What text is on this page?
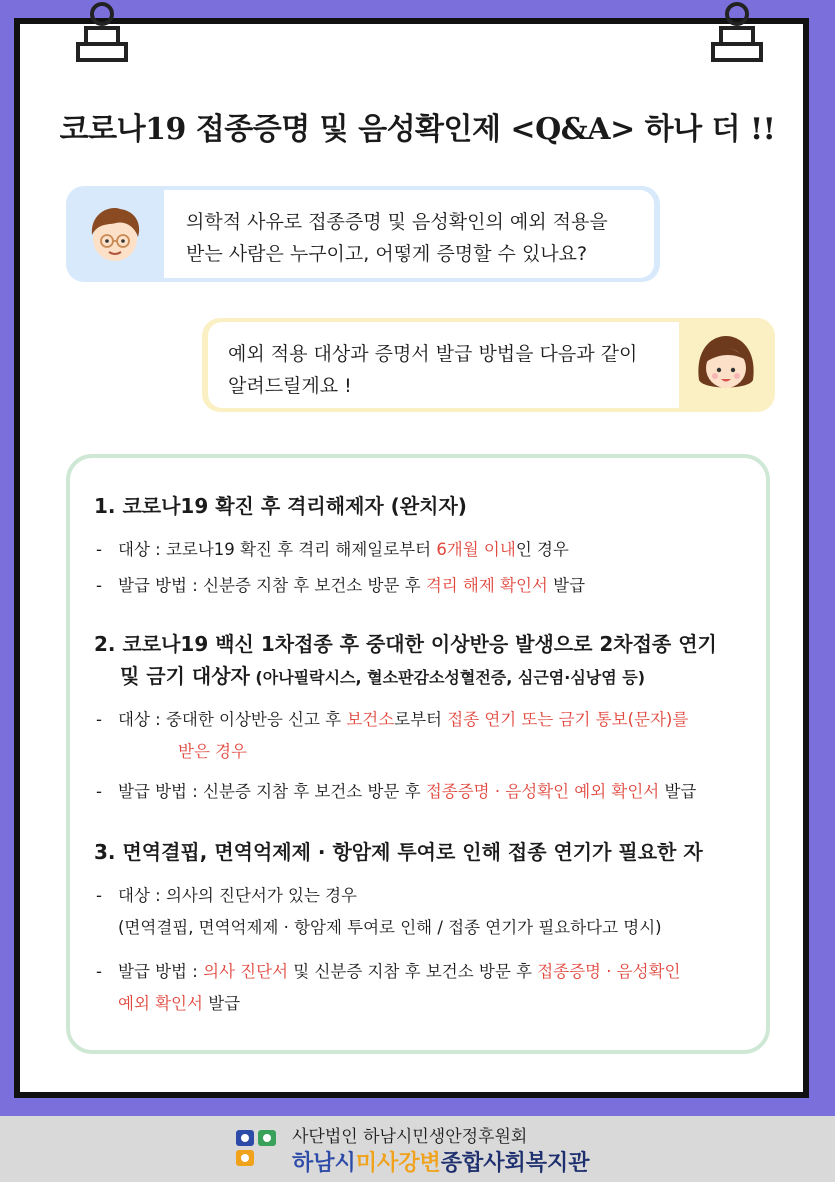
코로나19 접종증명 및 음성확인제 <Q&A> 하나 더 !!
의학적 사유로 접종증명 및 음성확인의 예외 적용을
받는 사람은 누구이고, 어떻게 증명할 수 있나요?
예외 적용 대상과 증명서 발급 방법을 다음과 같이
알려드릴게요 !
1. 코로나19 확진 후 격리해제자 (완치자)
- 대상 : 코로나19 확진 후 격리 해제일로부터 6개월 이내인 경우
- 발급 방법 : 신분증 지참 후 보건소 방문 후 격리 해제 확인서 발급
2. 코로나19 백신 1차접종 후 중대한 이상반응 발생으로 2차접종 연기
및 금기 대상자 (아나필락시스, 혈소판감소성혈전증, 심근염·심낭염 등)
- 대상 : 중대한 이상반응 신고 후 보건소로부터 접종 연기 또는 금기 통보(문자)를
받은 경우
- 발급 방법 : 신분증 지참 후 보건소 방문 후 접종증명 · 음성확인 예외 확인서 발급
3. 면역결핍, 면역억제제 · 항암제 투여로 인해 접종 연기가 필요한 자
- 대상 : 의사의 진단서가 있는 경우
(면역결핍, 면역억제제 · 항암제 투여로 인해 / 접종 연기가 필요하다고 명시)
- 발급 방법 : 의사 진단서 및 신분증 지참 후 보건소 방문 후 접종증명 · 음성확인
예외 확인서 발급
사단법인 하남시민생안정후원회
하남시미사강변종합사회복지관
